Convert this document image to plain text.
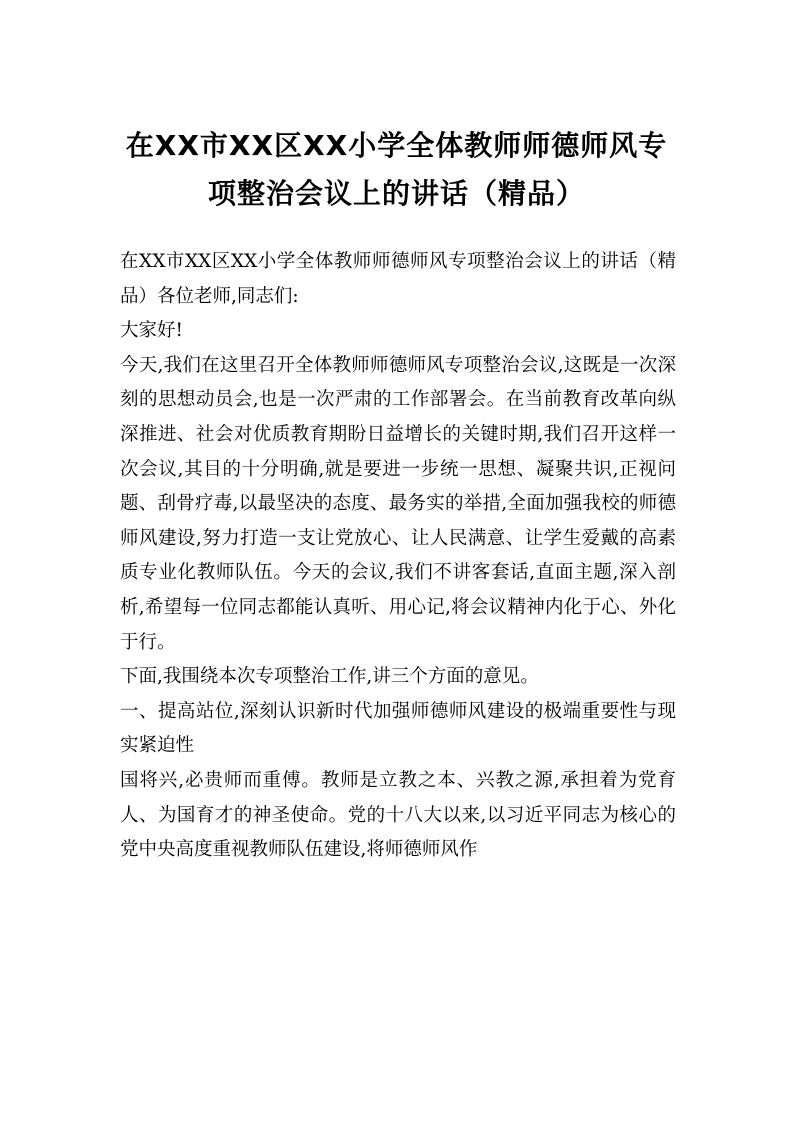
在XX市XX区XX小学全体教师师德师风专
项整治会议上的讲话（精品）

在XX市XX区XX小学全体教师师德师风专项整治会议上的讲话（精品）各位老师,同志们:

大家好!

今天,我们在这里召开全体教师师德师风专项整治会议,这既是一次深刻的思想动员会,也是一次严肃的工作部署会。在当前教育改革向纵深推进、社会对优质教育期盼日益增长的关键时期,我们召开这样一次会议,其目的十分明确,就是要进一步统一思想、凝聚共识,正视问题、刮骨疗毒,以最坚决的态度、最务实的举措,全面加强我校的师德师风建设,努力打造一支让党放心、让人民满意、让学生爱戴的高素质专业化教师队伍。今天的会议,我们不讲客套话,直面主题,深入剖析,希望每一位同志都能认真听、用心记,将会议精神内化于心、外化于行。

下面,我围绕本次专项整治工作,讲三个方面的意见。

一、提高站位,深刻认识新时代加强师德师风建设的极端重要性与现实紧迫性

国将兴,必贵师而重傅。教师是立教之本、兴教之源,承担着为党育人、为国育才的神圣使命。党的十八大以来,以习近平同志为核心的党中央高度重视教师队伍建设,将师德师风作
